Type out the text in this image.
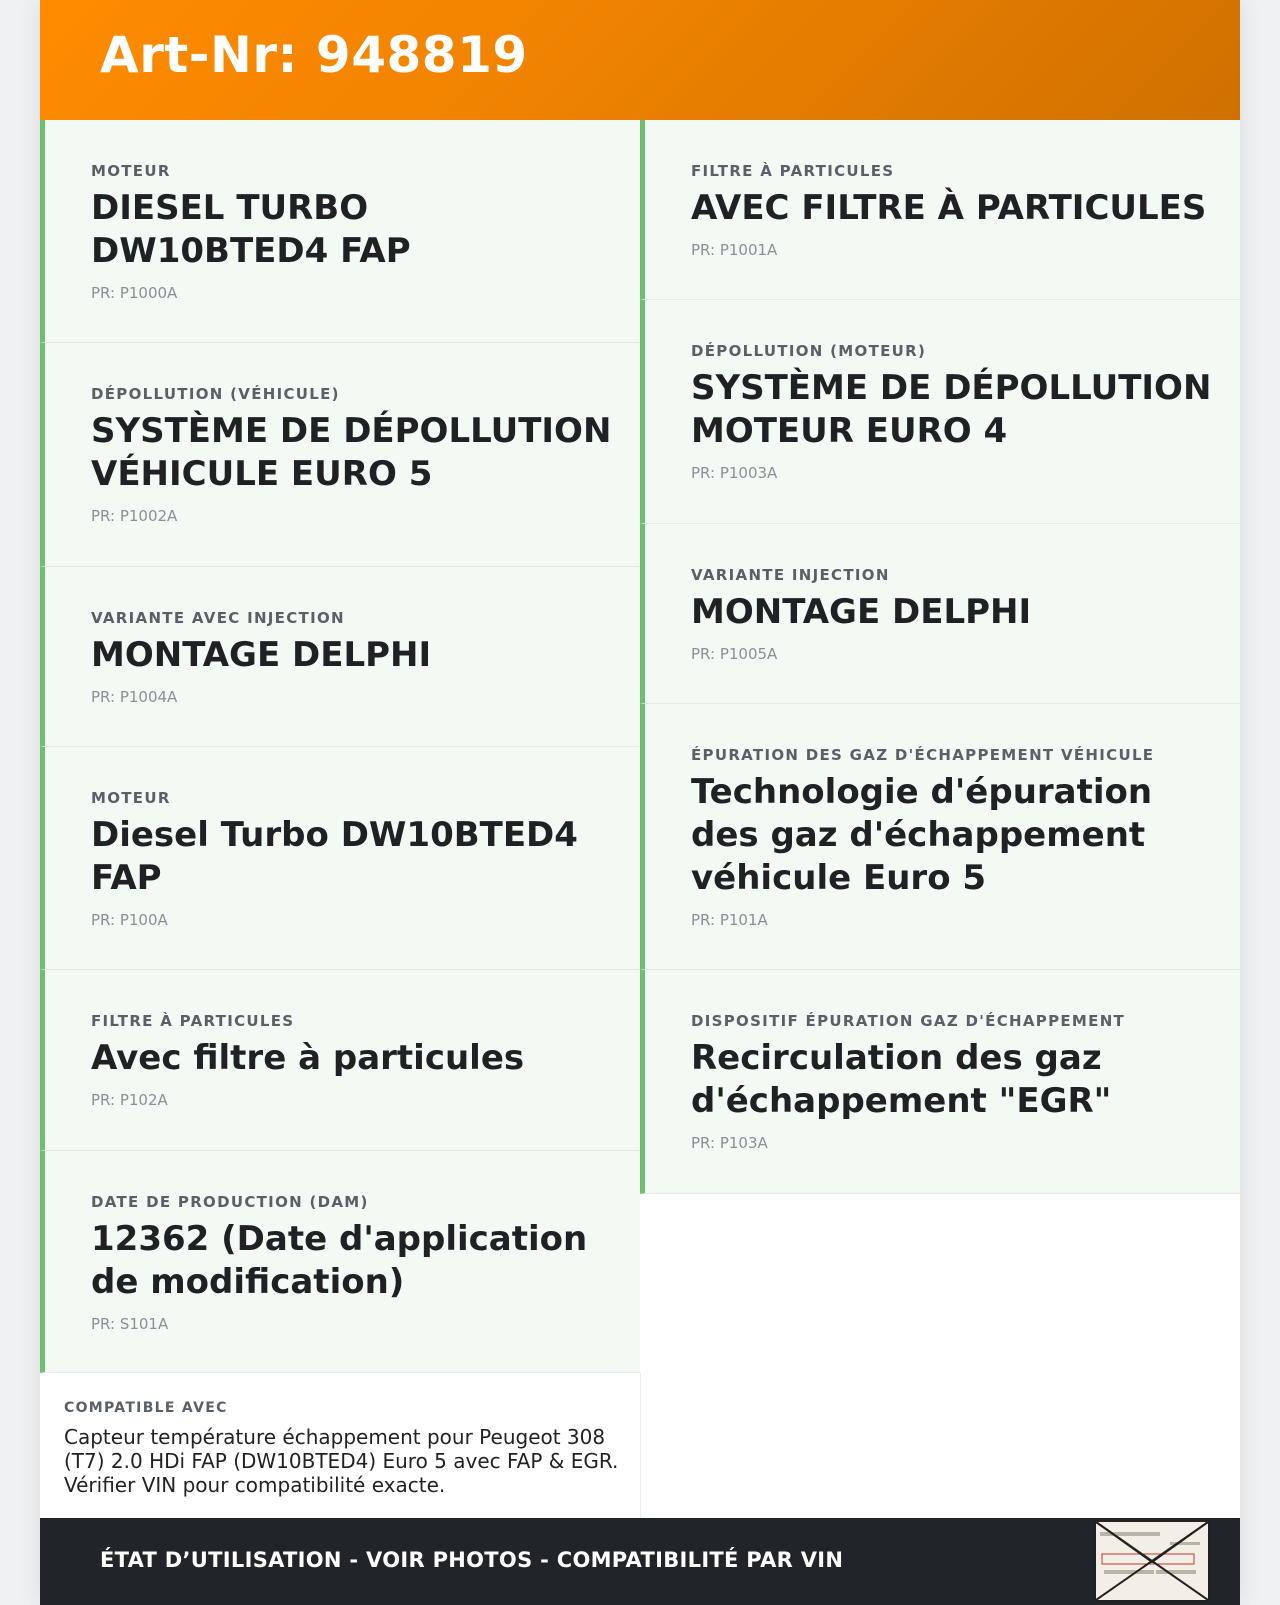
Art-Nr: 948819
MOTEUR
DIESEL TURBO DW10BTED4 FAP
PR: P1000A
DÉPOLLUTION (VÉHICULE)
SYSTÈME DE DÉPOLLUTION VÉHICULE EURO 5
PR: P1002A
VARIANTE AVEC INJECTION
MONTAGE DELPHI
PR: P1004A
MOTEUR
Diesel Turbo DW10BTED4 FAP
PR: P100A
FILTRE À PARTICULES
Avec filtre à particules
PR: P102A
DATE DE PRODUCTION (DAM)
12362 (Date d'application de modification)
PR: S101A
FILTRE À PARTICULES
AVEC FILTRE À PARTICULES
PR: P1001A
DÉPOLLUTION (MOTEUR)
SYSTÈME DE DÉPOLLUTION MOTEUR EURO 4
PR: P1003A
VARIANTE INJECTION
MONTAGE DELPHI
PR: P1005A
ÉPURATION DES GAZ D'ÉCHAPPEMENT VÉHICULE
Technologie d'épuration des gaz d'échappement véhicule Euro 5
PR: P101A
DISPOSITIF ÉPURATION GAZ D'ÉCHAPPEMENT
Recirculation des gaz d'échappement "EGR"
PR: P103A
COMPATIBLE AVEC
Capteur température échappement pour Peugeot 308 (T7) 2.0 HDi FAP (DW10BTED4) Euro 5 avec FAP & EGR. Vérifier VIN pour compatibilité exacte.
ÉTAT D’UTILISATION - VOIR PHOTOS - COMPATIBILITÉ PAR VIN
